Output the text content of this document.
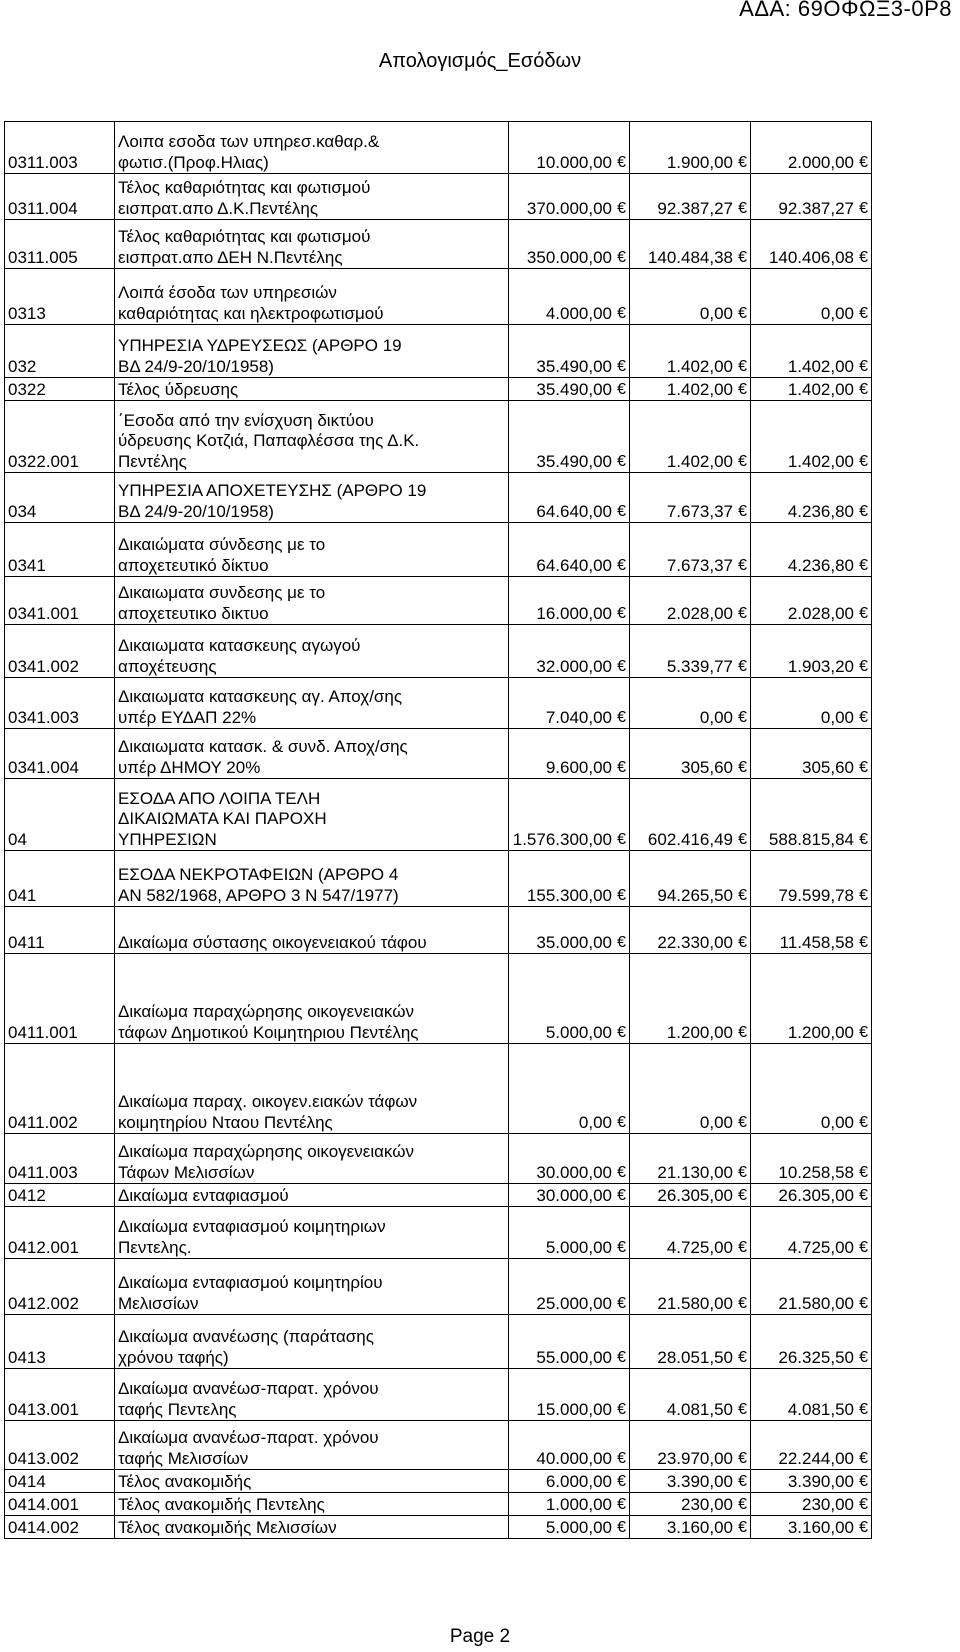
ΑΔΑ: 69ΟΦΩΞ3-0Ρ8
Απολογισμός_Εσόδων
0311.003	Λοιπα εσοδα των υπηρεσ.καθαρ.&
φωτισ.(Προφ.Ηλιας)	10.000,00 €	1.900,00 €	2.000,00 €
0311.004	Τέλος καθαριότητας και φωτισμού
εισπρατ.απο Δ.Κ.Πεντέλης	370.000,00 €	92.387,27 €	92.387,27 €
0311.005	Τέλος καθαριότητας και φωτισμού
εισπρατ.απο ΔΕΗ Ν.Πεντέλης	350.000,00 €	140.484,38 €	140.406,08 €
0313	Λοιπά έσοδα των υπηρεσιών
καθαριότητας και ηλεκτροφωτισμού	4.000,00 €	0,00 €	0,00 €
032	ΥΠΗΡΕΣΙΑ ΥΔΡΕΥΣΕΩΣ (ΑΡΘΡΟ 19
ΒΔ 24/9-20/10/1958)	35.490,00 €	1.402,00 €	1.402,00 €
0322	Τέλος ύδρευσης	35.490,00 €	1.402,00 €	1.402,00 €
0322.001	΄Εσοδα από την ενίσχυση δικτύου
ύδρευσης Κοτζιά, Παπαφλέσσα της Δ.Κ.
Πεντέλης	35.490,00 €	1.402,00 €	1.402,00 €
034	ΥΠΗΡΕΣΙΑ ΑΠΟΧΕΤΕΥΣΗΣ (ΑΡΘΡΟ 19
ΒΔ 24/9-20/10/1958)	64.640,00 €	7.673,37 €	4.236,80 €
0341	Δικαιώματα σύνδεσης με το
αποχετευτικό δίκτυο	64.640,00 €	7.673,37 €	4.236,80 €
0341.001	Δικαιωματα συνδεσης με το
αποχετευτικο δικτυο	16.000,00 €	2.028,00 €	2.028,00 €
0341.002	Δικαιωματα κατασκευης αγωγού
αποχέτευσης	32.000,00 €	5.339,77 €	1.903,20 €
0341.003	Δικαιωματα κατασκευης αγ. Αποχ/σης
υπέρ ΕΥΔΑΠ 22%	7.040,00 €	0,00 €	0,00 €
0341.004	Δικαιωματα κατασκ. & συνδ. Αποχ/σης
υπέρ ΔΗΜΟΥ 20%	9.600,00 €	305,60 €	305,60 €
04	ΕΣΟΔΑ ΑΠΟ ΛΟΙΠΑ ΤΕΛΗ
ΔΙΚΑΙΩΜΑΤΑ ΚΑΙ ΠΑΡΟΧΗ
ΥΠΗΡΕΣΙΩΝ	1.576.300,00 €	602.416,49 €	588.815,84 €
041	ΕΣΟΔΑ ΝΕΚΡΟΤΑΦΕΙΩΝ (ΑΡΘΡΟ 4
ΑΝ 582/1968, ΑΡΘΡΟ 3 Ν 547/1977)	155.300,00 €	94.265,50 €	79.599,78 €
0411	Δικαίωμα σύστασης οικογενειακού τάφου	35.000,00 €	22.330,00 €	11.458,58 €
0411.001	Δικαίωμα παραχώρησης οικογενειακών
τάφων Δημοτικού Κοιμητηριου Πεντέλης	5.000,00 €	1.200,00 €	1.200,00 €
0411.002	Δικαίωμα παραχ. οικογεν.ειακών τάφων
κοιμητηρίου Νταου Πεντέλης	0,00 €	0,00 €	0,00 €
0411.003	Δικαίωμα παραχώρησης οικογενειακών
Τάφων Μελισσίων	30.000,00 €	21.130,00 €	10.258,58 €
0412	Δικαίωμα ενταφιασμού	30.000,00 €	26.305,00 €	26.305,00 €
0412.001	Δικαίωμα ενταφιασμού κοιμητηριων
Πεντελης.	5.000,00 €	4.725,00 €	4.725,00 €
0412.002	Δικαίωμα ενταφιασμού κοιμητηρίου
Μελισσίων	25.000,00 €	21.580,00 €	21.580,00 €
0413	Δικαίωμα ανανέωσης (παράτασης
χρόνου ταφής)	55.000,00 €	28.051,50 €	26.325,50 €
0413.001	Δικαίωμα ανανέωσ-παρατ. χρόνου
ταφής Πεντελης	15.000,00 €	4.081,50 €	4.081,50 €
0413.002	Δικαίωμα ανανέωσ-παρατ. χρόνου
ταφής Μελισσίων	40.000,00 €	23.970,00 €	22.244,00 €
0414	Τέλος ανακομιδής	6.000,00 €	3.390,00 €	3.390,00 €
0414.001	Τέλος ανακομιδής Πεντελης	1.000,00 €	230,00 €	230,00 €
0414.002	Τέλος ανακομιδής Μελισσίων	5.000,00 €	3.160,00 €	3.160,00 €
Page 2
